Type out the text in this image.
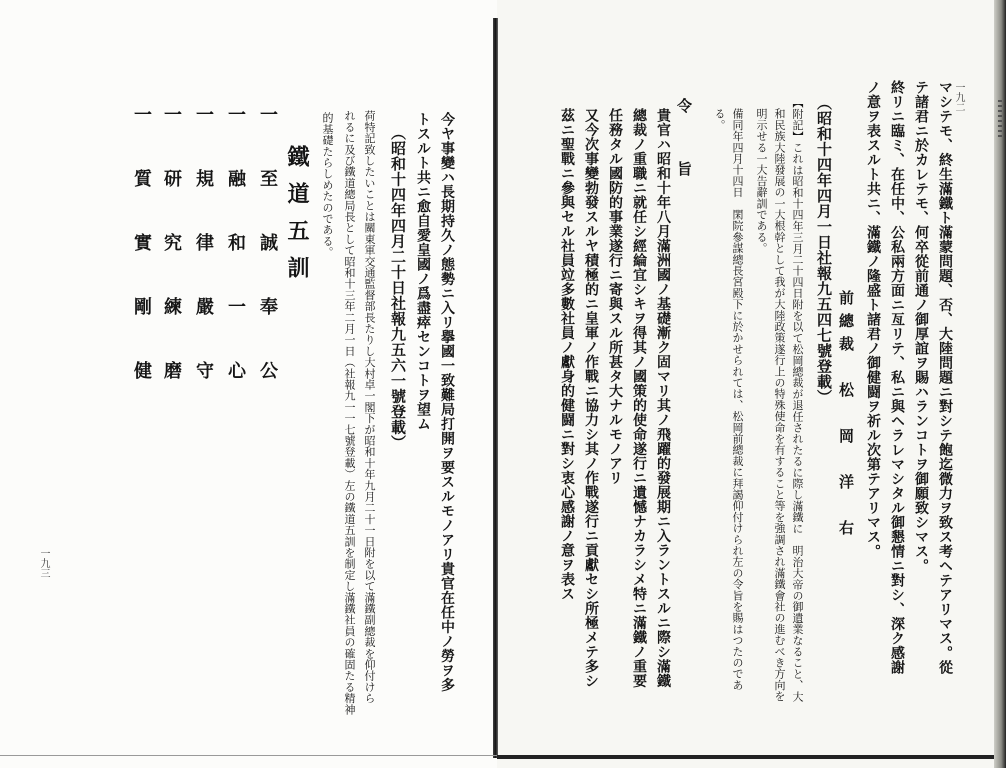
一九二
マシテモ、終生滿鐵ト滿蒙問題、否、大陸問題ニ對シテ飽迄微力ヲ致ス考ヘテアリマス。從
テ諸君ニ於カレテモ、何卒從前通ノ御厚誼ヲ賜ハランコトヲ御願致シマス。
終リニ臨ミ、在任中、公私兩方面ニ亙リテ、私ニ與ヘラレマシタル御懇情ニ對シ、深ク感謝
ノ意ヲ表スルト共ニ、滿鐵ノ隆盛ト諸君ノ御健闘ヲ祈ル次第テアリマス。
前總裁　松　岡　洋　右
（昭和十四年四月一日社報九五四七號登載）
【附記】これは昭和十四年三月二十四日附を以て松岡總裁が退任されたるに際し滿鐵に　明治大帝の御遺業なること、大
和民族大陸發展の一大根幹として我が大陸政策遂行上の特殊使命を有すること等を強調され滿鐵會社の進むべき方向を
明示せる一大告辭訓である。
備同年四月十四日　閑院參謀總長宮殿下に於かせられては、松岡前總裁に拜謁仰付けられ左の令旨を賜はつたのであ
る。
令　　旨
貴官ハ昭和十年八月滿洲國ノ基礎漸ク固マリ其ノ飛躍的發展期ニ入ラントスルニ際シ滿鐵
總裁ノ重職ニ就任シ經綸宜シキヲ得其ノ國策的使命遂行ニ遺憾ナカラシメ特ニ滿鐵ノ重要
任務タル國防的事業遂行ニ寄與スル所甚タ大ナルモノアリ
又今次事變勃發スルヤ積極的ニ皇軍ノ作戰ニ協力シ其ノ作戰遂行ニ貢獻セシ所極メテ多シ
茲ニ聖戰ニ參與セル社員竝多數社員ノ獻身的健闘ニ對シ衷心感謝ノ意ヲ表ス
今ヤ事變ハ長期持久ノ態勢ニ入リ擧國一致難局打開ヲ要スルモノアリ貴官在任中ノ勞ヲ多
トスルト共ニ愈自愛皇國ノ爲盡瘁センコトヲ望ム
（昭和十四年四月二十日社報九五六一號登載）
荷特記致したいことは關東軍交通監督部長たりし大村卓一閣下が昭和十年九月二十一日附を以て滿鐵副總裁を仰付けら
れるに及び鐵道總局長として昭和十三年二月一日（社報九一一七號登載）左の鐵道五訓を制定し滿鐵社員の確固たる精神
的基礎たらしめたのである。
鐵道五訓
一　至　誠　奉　公
一　融　和　一　心
一　規　律　嚴　守
一　研　究　練　磨
一　質　實　剛　健
一九三
